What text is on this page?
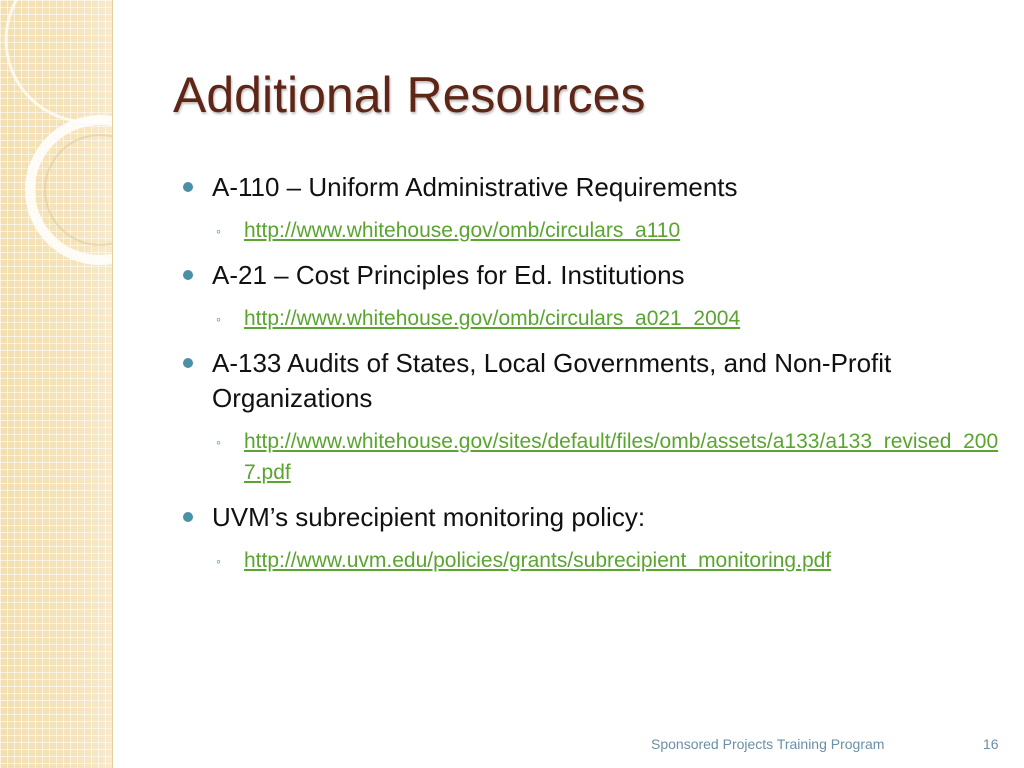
Additional Resources
A-110 – Uniform Administrative Requirements
◦ http://www.whitehouse.gov/omb/circulars_a110
A-21 – Cost Principles for Ed. Institutions
◦ http://www.whitehouse.gov/omb/circulars_a021_2004
A-133 Audits of States, Local Governments, and Non-Profit Organizations
◦ http://www.whitehouse.gov/sites/default/files/omb/assets/a133/a133_revised_2007.pdf
UVM’s subrecipient monitoring policy:
◦ http://www.uvm.edu/policies/grants/subrecipient_monitoring.pdf
Sponsored Projects Training Program	16
